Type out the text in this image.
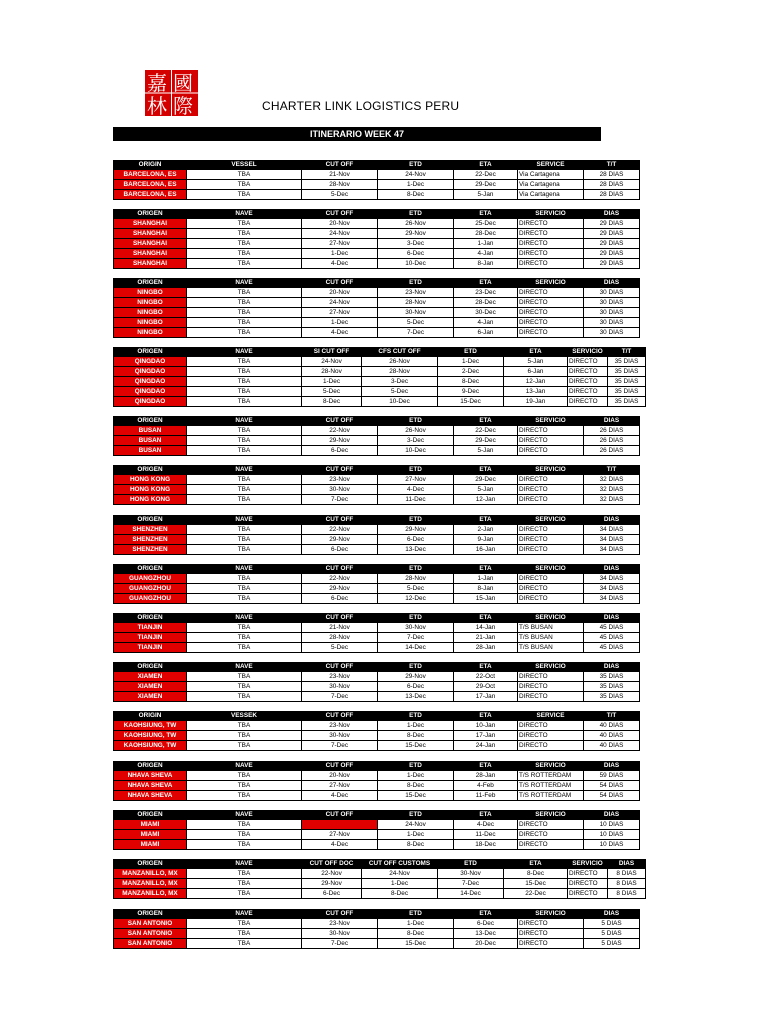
嘉 國
林 際	CHARTER LINK LOGISTICS PERU
ITINERARIO WEEK 47
ORIGIN	VESSEL	CUT OFF	ETD	ETA	SERVICE	T/T
BARCELONA, ES	TBA	21-Nov	24-Nov	22-Dec	Via Cartagena	28 DIAS
BARCELONA, ES	TBA	28-Nov	1-Dec	29-Dec	Via Cartagena	28 DIAS
BARCELONA, ES	TBA	5-Dec	8-Dec	5-Jan	Via Cartagena	28 DIAS
ORIGEN	NAVE	CUT OFF	ETD	ETA	SERVICIO	DIAS
SHANGHAI	TBA	20-Nov	26-Nov	25-Dec	DIRECTO	29 DIAS
SHANGHAI	TBA	24-Nov	29-Nov	28-Dec	DIRECTO	29 DIAS
SHANGHAI	TBA	27-Nov	3-Dec	1-Jan	DIRECTO	29 DIAS
SHANGHAI	TBA	1-Dec	6-Dec	4-Jan	DIRECTO	29 DIAS
SHANGHAI	TBA	4-Dec	10-Dec	8-Jan	DIRECTO	29 DIAS
ORIGEN	NAVE	CUT OFF	ETD	ETA	SERVICIO	DIAS
NINGBO	TBA	20-Nov	23-Nov	23-Dec	DIRECTO	30 DIAS
NINGBO	TBA	24-Nov	28-Nov	28-Dec	DIRECTO	30 DIAS
NINGBO	TBA	27-Nov	30-Nov	30-Dec	DIRECTO	30 DIAS
NINGBO	TBA	1-Dec	5-Dec	4-Jan	DIRECTO	30 DIAS
NINGBO	TBA	4-Dec	7-Dec	6-Jan	DIRECTO	30 DIAS
ORIGEN	NAVE	SI CUT OFF	CFS CUT OFF	ETD	ETA	SERVICIO	T/T
QINGDAO	TBA	24-Nov	26-Nov	1-Dec	5-Jan	DIRECTO	35 DIAS
QINGDAO	TBA	28-Nov	28-Nov	2-Dec	6-Jan	DIRECTO	35 DIAS
QINGDAO	TBA	1-Dec	3-Dec	8-Dec	12-Jan	DIRECTO	35 DIAS
QINGDAO	TBA	5-Dec	5-Dec	9-Dec	13-Jan	DIRECTO	35 DIAS
QINGDAO	TBA	8-Dec	10-Dec	15-Dec	19-Jan	DIRECTO	35 DIAS
ORIGEN	NAVE	CUT OFF	ETD	ETA	SERVICIO	DIAS
BUSAN	TBA	22-Nov	26-Nov	22-Dec	DIRECTO	26 DIAS
BUSAN	TBA	29-Nov	3-Dec	29-Dec	DIRECTO	26 DIAS
BUSAN	TBA	6-Dec	10-Dec	5-Jan	DIRECTO	26 DIAS
ORIGEN	NAVE	CUT OFF	ETD	ETA	SERVICIO	T/T
HONG KONG	TBA	23-Nov	27-Nov	29-Dec	DIRECTO	32 DIAS
HONG KONG	TBA	30-Nov	4-Dec	5-Jan	DIRECTO	32 DIAS
HONG KONG	TBA	7-Dec	11-Dec	12-Jan	DIRECTO	32 DIAS
ORIGEN	NAVE	CUT OFF	ETD	ETA	SERVICIO	DIAS
SHENZHEN	TBA	22-Nov	29-Nov	2-Jan	DIRECTO	34 DIAS
SHENZHEN	TBA	29-Nov	6-Dec	9-Jan	DIRECTO	34 DIAS
SHENZHEN	TBA	6-Dec	13-Dec	16-Jan	DIRECTO	34 DIAS
ORIGEN	NAVE	CUT OFF	ETD	ETA	SERVICIO	DIAS
GUANGZHOU	TBA	22-Nov	28-Nov	1-Jan	DIRECTO	34 DIAS
GUANGZHOU	TBA	29-Nov	5-Dec	8-Jan	DIRECTO	34 DIAS
GUANGZHOU	TBA	6-Dec	12-Dec	15-Jan	DIRECTO	34 DIAS
ORIGEN	NAVE	CUT OFF	ETD	ETA	SERVICIO	DIAS
TIANJIN	TBA	21-Nov	30-Nov	14-Jan	T/S BUSAN	45 DIAS
TIANJIN	TBA	28-Nov	7-Dec	21-Jan	T/S BUSAN	45 DIAS
TIANJIN	TBA	5-Dec	14-Dec	28-Jan	T/S BUSAN	45 DIAS
ORIGEN	NAVE	CUT OFF	ETD	ETA	SERVICIO	DIAS
XIAMEN	TBA	23-Nov	29-Nov	22-Oct	DIRECTO	35 DIAS
XIAMEN	TBA	30-Nov	6-Dec	29-Oct	DIRECTO	35 DIAS
XIAMEN	TBA	7-Dec	13-Dec	17-Jan	DIRECTO	35 DIAS
ORIGIN	VESSEK	CUT OFF	ETD	ETA	SERVICE	T/T
KAOHSIUNG, TW	TBA	23-Nov	1-Dec	10-Jan	DIRECTO	40 DIAS
KAOHSIUNG, TW	TBA	30-Nov	8-Dec	17-Jan	DIRECTO	40 DIAS
KAOHSIUNG, TW	TBA	7-Dec	15-Dec	24-Jan	DIRECTO	40 DIAS
ORIGEN	NAVE	CUT OFF	ETD	ETA	SERVICIO	DIAS
NHAVA SHEVA	TBA	20-Nov	1-Dec	28-Jan	T/S ROTTERDAM	59 DIAS
NHAVA SHEVA	TBA	27-Nov	8-Dec	4-Feb	T/S ROTTERDAM	54 DIAS
NHAVA SHEVA	TBA	4-Dec	15-Dec	11-Feb	T/S ROTTERDAM	54 DIAS
ORIGEN	NAVE	CUT OFF	ETD	ETA	SERVICIO	DIAS
MIAMI	TBA	17-Nov	24-Nov	4-Dec	DIRECTO	10 DIAS
MIAMI	TBA	27-Nov	1-Dec	11-Dec	DIRECTO	10 DIAS
MIAMI	TBA	4-Dec	8-Dec	18-Dec	DIRECTO	10 DIAS
ORIGEN	NAVE	CUT OFF DOC	CUT OFF CUSTOMS	ETD	ETA	SERVICIO	DIAS
MANZANILLO, MX	TBA	22-Nov	24-Nov	30-Nov	8-Dec	DIRECTO	8 DIAS
MANZANILLO, MX	TBA	29-Nov	1-Dec	7-Dec	15-Dec	DIRECTO	8 DIAS
MANZANILLO, MX	TBA	6-Dec	8-Dec	14-Dec	22-Dec	DIRECTO	8 DIAS
ORIGEN	NAVE	CUT OFF	ETD	ETA	SERVICIO	DIAS
SAN ANTONIO	TBA	23-Nov	1-Dec	6-Dec	DIRECTO	5 DIAS
SAN ANTONIO	TBA	30-Nov	8-Dec	13-Dec	DIRECTO	5 DIAS
SAN ANTONIO	TBA	7-Dec	15-Dec	20-Dec	DIRECTO	5 DIAS
